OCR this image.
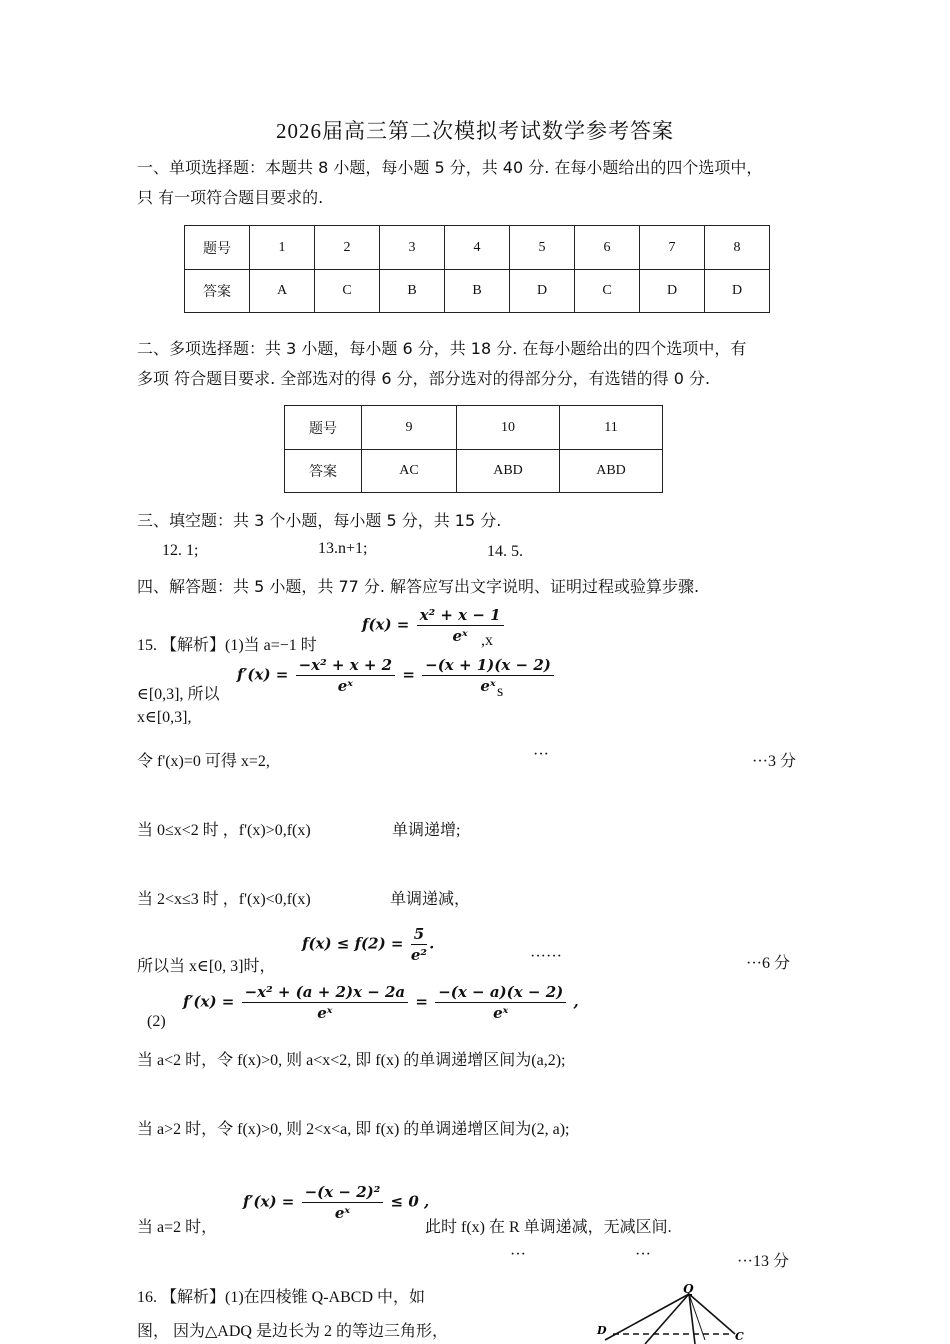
2026届高三第二次模拟考试数学参考答案
一、单项选择题：本题共 8 小题，每小题 5 分，共 40 分. 在每小题给出的四个选项中，
只 有一项符合题目要求的.
题号	1	2	3	4	5	6	7	8
答案	A	C	B	B	D	C	D	D
二、多项选择题：共 3 小题，每小题 6 分，共 18 分. 在每小题给出的四个选项中，有
多项 符合题目要求. 全部选对的得 6 分，部分选对的得部分分，有选错的得 0 分.
题号	9	10	11
答案	AC	ABD	ABD
三、填空题：共 3 个小题，每小题 5 分，共 15 分.
12. 1;	13.n+1;	14. 5.
四、解答题：共 5 小题，共 77 分. 解答应写出文字说明、证明过程或验算步骤.
15. 【解析】(1)当 a=−1 时
$f(x) = \frac{\text{x² + x − 1}}{\text{eˣ}}$
,x
∈[0,3], 所以
$f'(x) = \frac{\text{−x² + x + 2}}{\text{eˣ}} = \frac{-(x + 1)(x - 2)}{\text{eˣ}}$
s
x∈[0,3],
令 f'(x)=0 可得 x=2,	···	···3 分
当 0≤x<2 时 ，f'(x)>0,f(x)	单调递增;
当 2<x≤3 时 ，f'(x)<0,f(x)	单调递减，
所以当 x∈[0, 3]时，
$f(x) \le f(2) = \frac{5}{\text{e²}}$ .
······	···6 分
(2)
$f'(x) = \frac{\text{−x² + (a + 2)x − 2a}}{\text{eˣ}} = \frac{-(x - a)(x - 2)}{\text{eˣ}}$ ,
当 a<2 时，令 f(x)>0, 则 a<x<2, 即 f(x) 的单调递增区间为(a,2);
当 a>2 时，令 f(x)>0, 则 2<x<a, 即 f(x) 的单调递增区间为(2, a);
当 a=2 时，
$f'(x) = \frac{\text{−(x − 2)²}}{\text{eˣ}} \le 0$ ,
此时 f(x) 在 R 单调递减，无减区间.
···	···	···13 分
16. 【解析】(1)在四棱锥 Q-ABCD 中，如
图， 因为△ADQ 是边长为 2 的等边三角形，
Q
D	C
